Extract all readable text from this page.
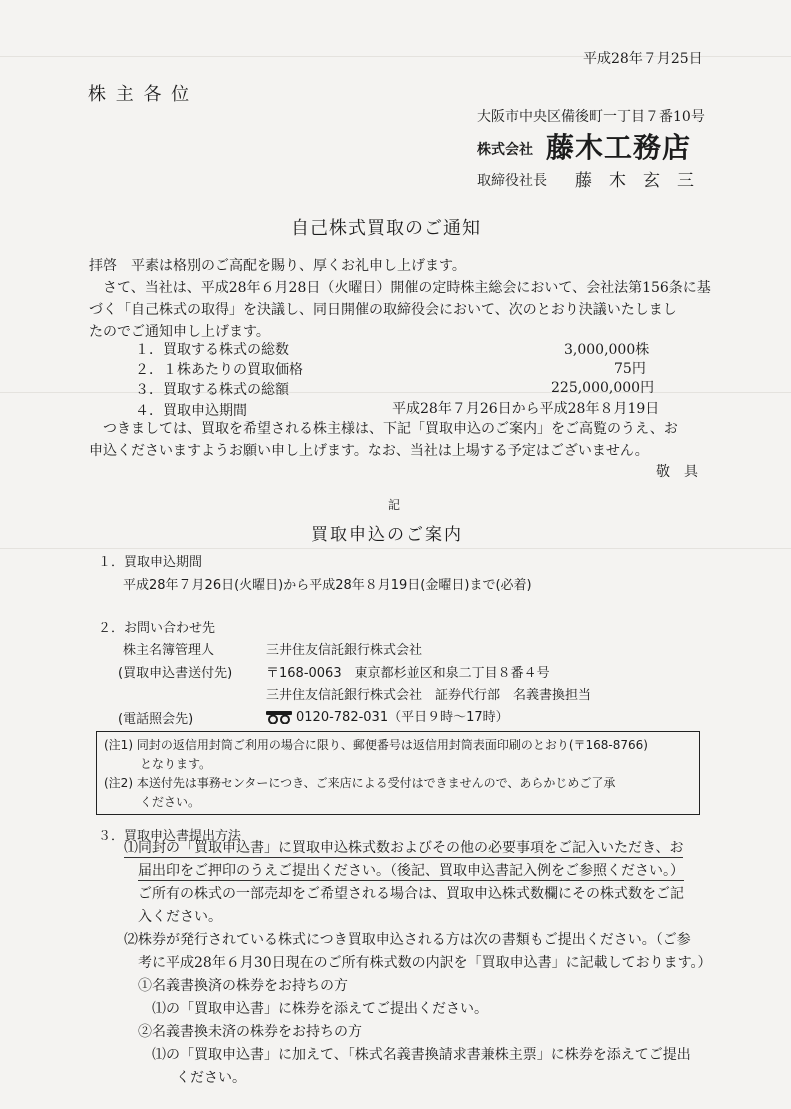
平成28年７月25日
株 主 各 位
大阪市中央区備後町一丁目７番10号
株式会社 藤木工務店
取締役社長 藤　木　玄　三
自己株式買取のご通知
拝啓　平素は格別のご高配を賜り、厚くお礼申し上げます。
　さて、当社は、平成28年６月28日（火曜日）開催の定時株主総会において、会社法第156条に基
づく「自己株式の取得」を決議し、同日開催の取締役会において、次のとおり決議いたしまし
たのでご通知申し上げます。
１．買取する株式の総数	3,000,000株
２．１株あたりの買取価格	75円
３．買取する株式の総額	225,000,000円
４．買取申込期間	平成28年７月26日から平成28年８月19日
　つきましては、買取を希望される株主様は、下記「買取申込のご案内」をご高覧のうえ、お
申込くださいますようお願い申し上げます。なお、当社は上場する予定はございません。
敬　具
記
買取申込のご案内
１．買取申込期間
平成28年７月26日(火曜日)から平成28年８月19日(金曜日)まで(必着)
２．お問い合わせ先
株主名簿管理人	三井住友信託銀行株式会社
(買取申込書送付先)	〒168-0063　東京都杉並区和泉二丁目８番４号
三井住友信託銀行株式会社　証券代行部　名義書換担当
(電話照会先)	0120-782-031（平日９時～17時）
(注1) 同封の返信用封筒ご利用の場合に限り、郵便番号は返信用封筒表面印刷のとおり(〒168-8766)
　　　となります。
(注2) 本送付先は事務センターにつき、ご来店による受付はできませんので、あらかじめご了承
　　　ください。
３．買取申込書提出方法
⑴同封の「買取申込書」に買取申込株式数およびその他の必要事項をご記入いただき、お
届出印をご押印のうえご提出ください。（後記、買取申込書記入例をご参照ください。）
ご所有の株式の一部売却をご希望される場合は、買取申込株式数欄にその株式数をご記
入ください。
⑵株券が発行されている株式につき買取申込される方は次の書類もご提出ください。（ご参
考に平成28年６月30日現在のご所有株式数の内訳を「買取申込書」に記載しております。）
①名義書換済の株券をお持ちの方
⑴の「買取申込書」に株券を添えてご提出ください。
②名義書換未済の株券をお持ちの方
⑴の「買取申込書」に加えて、「株式名義書換請求書兼株主票」に株券を添えてご提出
ください。
